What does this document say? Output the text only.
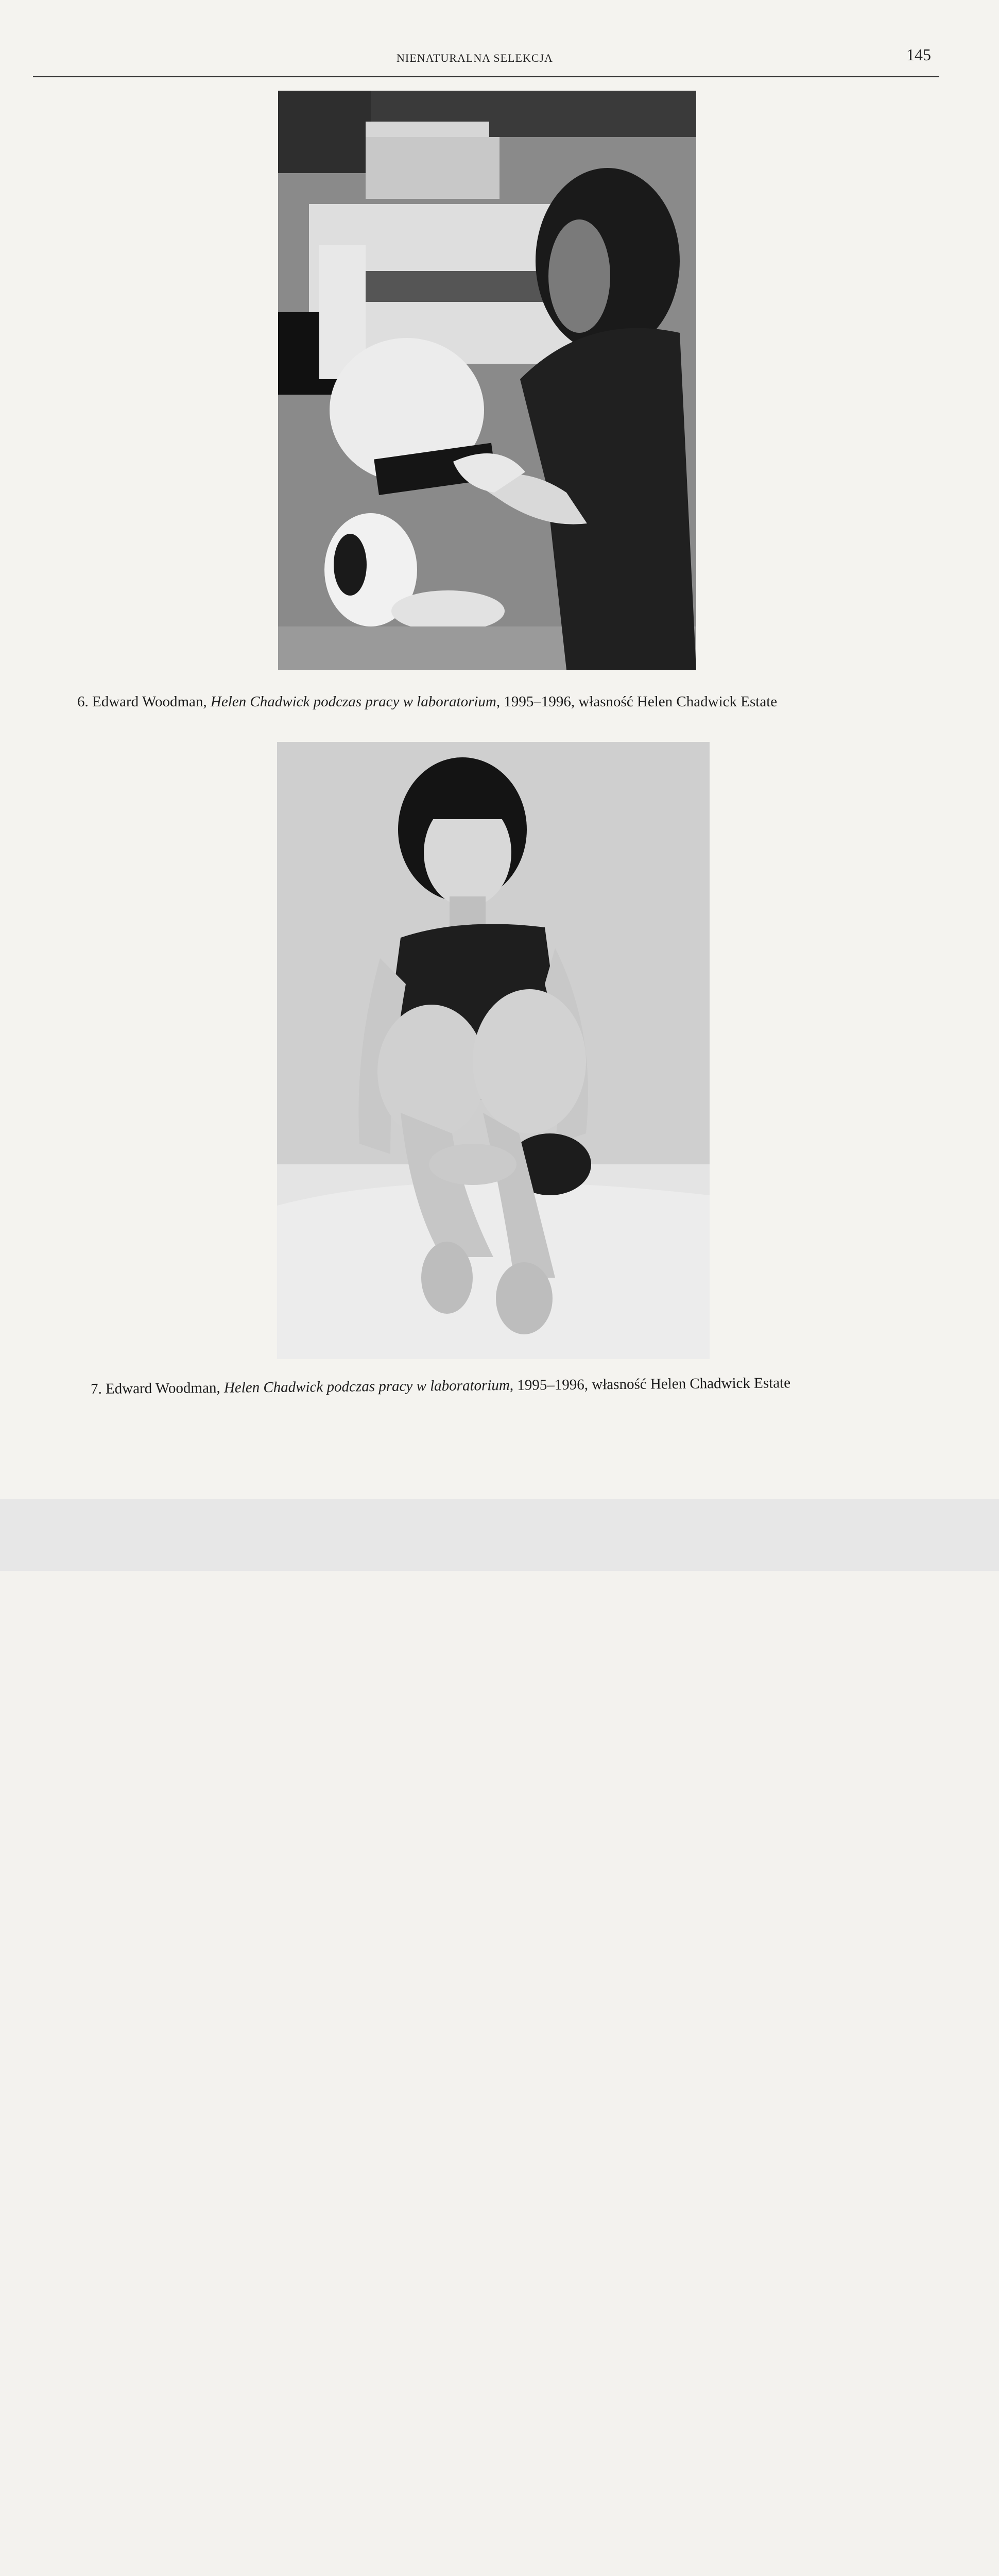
NIENATURALNA SELEKCJA	145
6. Edward Woodman, Helen Chadwick podczas pracy w laboratorium, 1995–1996, własność Helen Chadwick Estate
7. Edward Woodman, Helen Chadwick podczas pracy w laboratorium, 1995–1996, własność Helen Chadwick Estate
